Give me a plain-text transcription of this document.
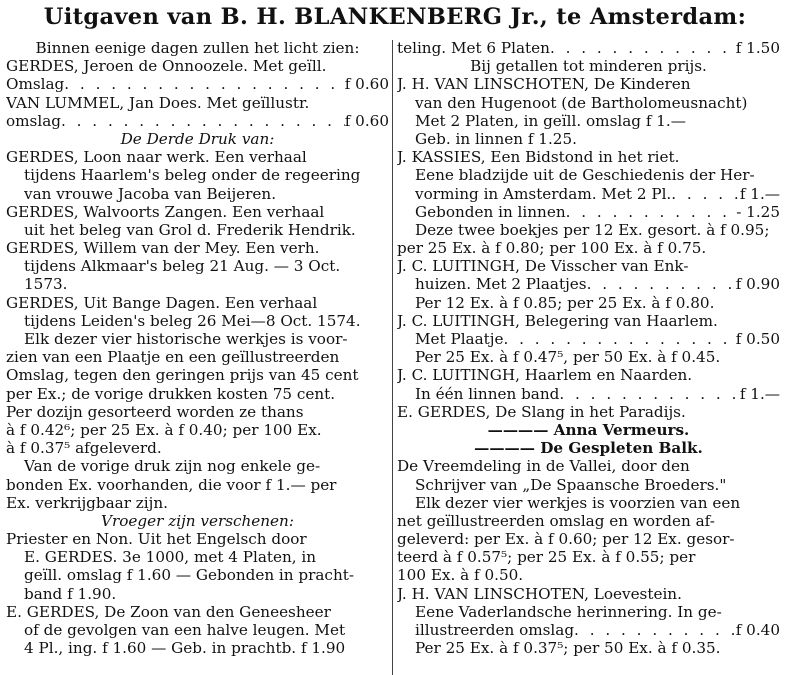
Uitgaven van B. H. BLANKENBERG Jr., te Amsterdam:
Binnen eenige dagen zullen het licht zien:
GERDES, Jeroen de Onnoozele. Met geïll.
Omslag . . .	f 0.60
VAN LUMMEL, Jan Does. Met geïllustr.
omslag . . .	f 0.60
De Derde Druk van:
GERDES, Loon naar werk. Een verhaal
tijdens Haarlem's beleg onder de regeering
van vrouwe Jacoba van Beijeren.
GERDES, Walvoorts Zangen. Een verhaal
uit het beleg van Grol d. Frederik Hendrik.
GERDES, Willem van der Mey. Een verh.
tijdens Alkmaar's beleg 21 Aug. — 3 Oct.
1573.
GERDES, Uit Bange Dagen. Een verhaal
tijdens Leiden's beleg 26 Mei—8 Oct. 1574.
Elk dezer vier historische werkjes is voor-
zien van een Plaatje en een geïllustreerden
Omslag, tegen den geringen prijs van 45 cent
per Ex.; de vorige drukken kosten 75 cent.
Per dozijn gesorteerd worden ze thans
à f 0.42⁶; per 25 Ex. à f 0.40; per 100 Ex.
à f 0.37⁵ afgeleverd.
Van de vorige druk zijn nog enkele ge-
bonden Ex. voorhanden, die voor f 1.— per
Ex. verkrijgbaar zijn.
Vroeger zijn verschenen:
Priester en Non. Uit het Engelsch door
E. GERDES. 3e 1000, met 4 Platen, in
geïll. omslag f 1.60 — Gebonden in pracht-
band f 1.90.
E. GERDES, De Zoon van den Geneesheer
of de gevolgen van een halve leugen. Met
4 Pl., ing. f 1.60 — Geb. in prachtb. f 1.90
teling. Met 6 Platen . . .	f 1.50
Bij getallen tot minderen prijs.
J. H. VAN LINSCHOTEN, De Kinderen
van den Hugenoot (de Bartholomeusnacht)
Met 2 Platen, in geïll. omslag f 1.—
Geb. in linnen f 1.25.
J. KASSIES, Een Bidstond in het riet.
Eene bladzijde uit de Geschiedenis der Her-
vorming in Amsterdam. Met 2 Pl. . . .	f 1.—
Gebonden in linnen . . .	- 1.25
Deze twee boekjes per 12 Ex. gesort. à f 0.95;
per 25 Ex. à f 0.80; per 100 Ex. à f 0.75.
J. C. LUITINGH, De Visscher van Enk-
huizen. Met 2 Plaatjes . . .	f 0.90
Per 12 Ex. à f 0.85; per 25 Ex. à f 0.80.
J. C. LUITINGH, Belegering van Haarlem.
Met Plaatje . . .	f 0.50
Per 25 Ex. à f 0.47⁵, per 50 Ex. à f 0.45.
J. C. LUITINGH, Haarlem en Naarden.
In één linnen band . . .	f 1.—
E. GERDES, De Slang in het Paradijs.
———— Anna Vermeurs.
———— De Gespleten Balk.
De Vreemdeling in de Vallei, door den
Schrijver van „De Spaansche Broeders."
Elk dezer vier werkjes is voorzien van een
net geïllustreerden omslag en worden af-
geleverd: per Ex. à f 0.60; per 12 Ex. gesor-
teerd à f 0.57⁵; per 25 Ex. à f 0.55; per
100 Ex. à f 0.50.
J. H. VAN LINSCHOTEN, Loevestein.
Eene Vaderlandsche herinnering. In ge-
illustreerden omslag . . .	f 0.40
Per 25 Ex. à f 0.37⁵; per 50 Ex. à f 0.35.
